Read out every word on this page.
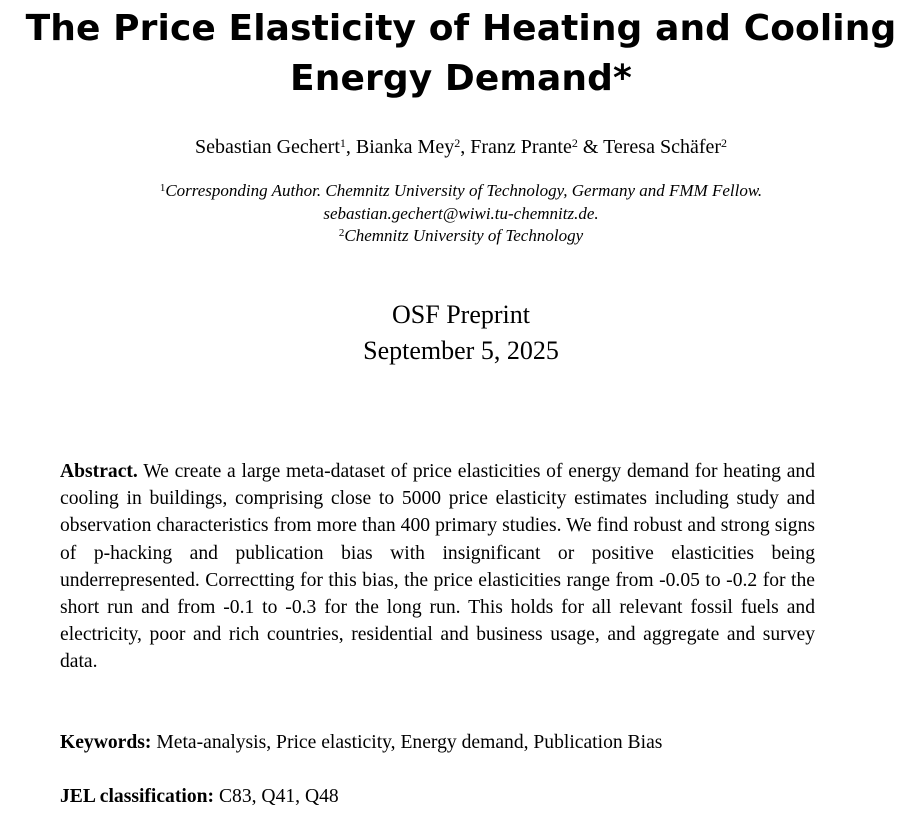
The Price Elasticity of Heating and Cooling Energy Demand*
Sebastian Gechert$^1$, Bianka Mey$^2$, Franz Prante$^2$ & Teresa Schäfer$^2$
$^1$Corresponding Author. Chemnitz University of Technology, Germany and FMM Fellow.
sebastian.gechert@wiwi.tu-chemnitz.de.
$^2$Chemnitz University of Technology
OSF Preprint
September 5, 2025
Abstract. We create a large meta-dataset of price elasticities of energy demand for heating and cooling in buildings, comprising close to 5000 price elasticity estimates including study and observation characteristics from more than 400 primary studies. We find robust and strong signs of p-hacking and publication bias with insignificant or positive elasticities being underrepresented. Correctting for this bias, the price elasticities range from -0.05 to -0.2 for the short run and from -0.1 to -0.3 for the long run. This holds for all relevant fossil fuels and electricity, poor and rich countries, residential and business usage, and aggregate and survey data.
Keywords: Meta-analysis, Price elasticity, Energy demand, Publication Bias
JEL classification: C83, Q41, Q48
